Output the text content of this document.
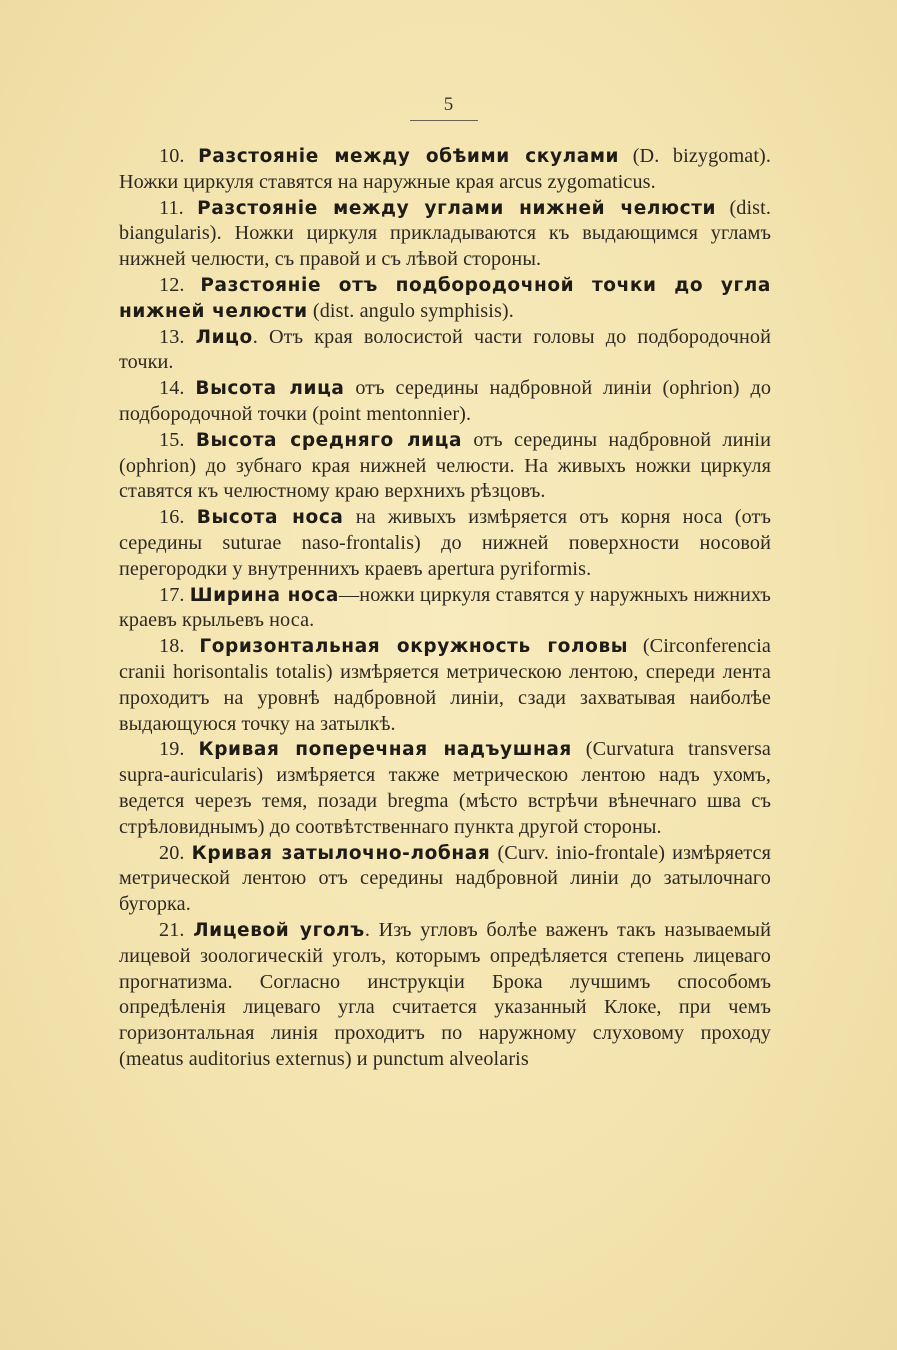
5

10. Разстоянiе между обѣими скулами (D. bizygomat). Ножки циркуля ставятся на наружные края arcus zygomaticus.

11. Разстоянiе между углами нижней челюсти (dist. biangularis). Ножки циркуля прикладываются къ выдающимся угламъ нижней челюсти, съ правой и съ лѣвой стороны.

12. Разстоянiе отъ подбородочной точки до угла нижней челюсти (dist. angulo symphisis).

13. Лицо. Отъ края волосистой части головы до подбородочной точки.

14. Высота лица отъ середины надбровной линiи (ophrion) до подбородочной точки (point mentonnier).

15. Высота средняго лица отъ середины надбровной линiи (ophrion) до зубнаго края нижней челюсти. На живыхъ ножки циркуля ставятся къ челюстному краю верхнихъ рѣзцовъ.

16. Высота носа на живыхъ измѣряется отъ корня носа (отъ середины suturae naso-frontalis) до нижней поверхности носовой перегородки у внутреннихъ краевъ apertura pyriformis.

17. Ширина носа—ножки циркуля ставятся у наружныхъ нижнихъ краевъ крыльевъ носа.

18. Горизонтальная окружность головы (Circonferencia cranii horisontalis totalis) измѣряется метрическою лентою, спереди лента проходитъ на уровнѣ надбровной линiи, сзади захватывая наиболѣе выдающуюся точку на затылкѣ.

19. Кривая поперечная надъушная (Curvatura transversa supra-auricularis) измѣряется также метрическою лентою надъ ухомъ, ведется черезъ темя, позади bregma (мѣсто встрѣчи вѣнечнаго шва съ стрѣловиднымъ) до соотвѣтственнаго пункта другой стороны.

20. Кривая затылочно-лобная (Curv. inio-frontale) измѣряется метрической лентою отъ середины надбровной линiи до затылочнаго бугорка.

21. Лицевой уголъ. Изъ угловъ болѣе важенъ такъ называемый лицевой зоологическiй уголъ, которымъ опредѣляется степень лицеваго прогнатизма. Согласно инструкцiи Брока лучшимъ способомъ опредѣленiя лицеваго угла считается указанный Клоке, при чемъ горизонтальная линiя проходитъ по наружному слуховому проходу (meatus auditorius externus) и punctum alveolaris
